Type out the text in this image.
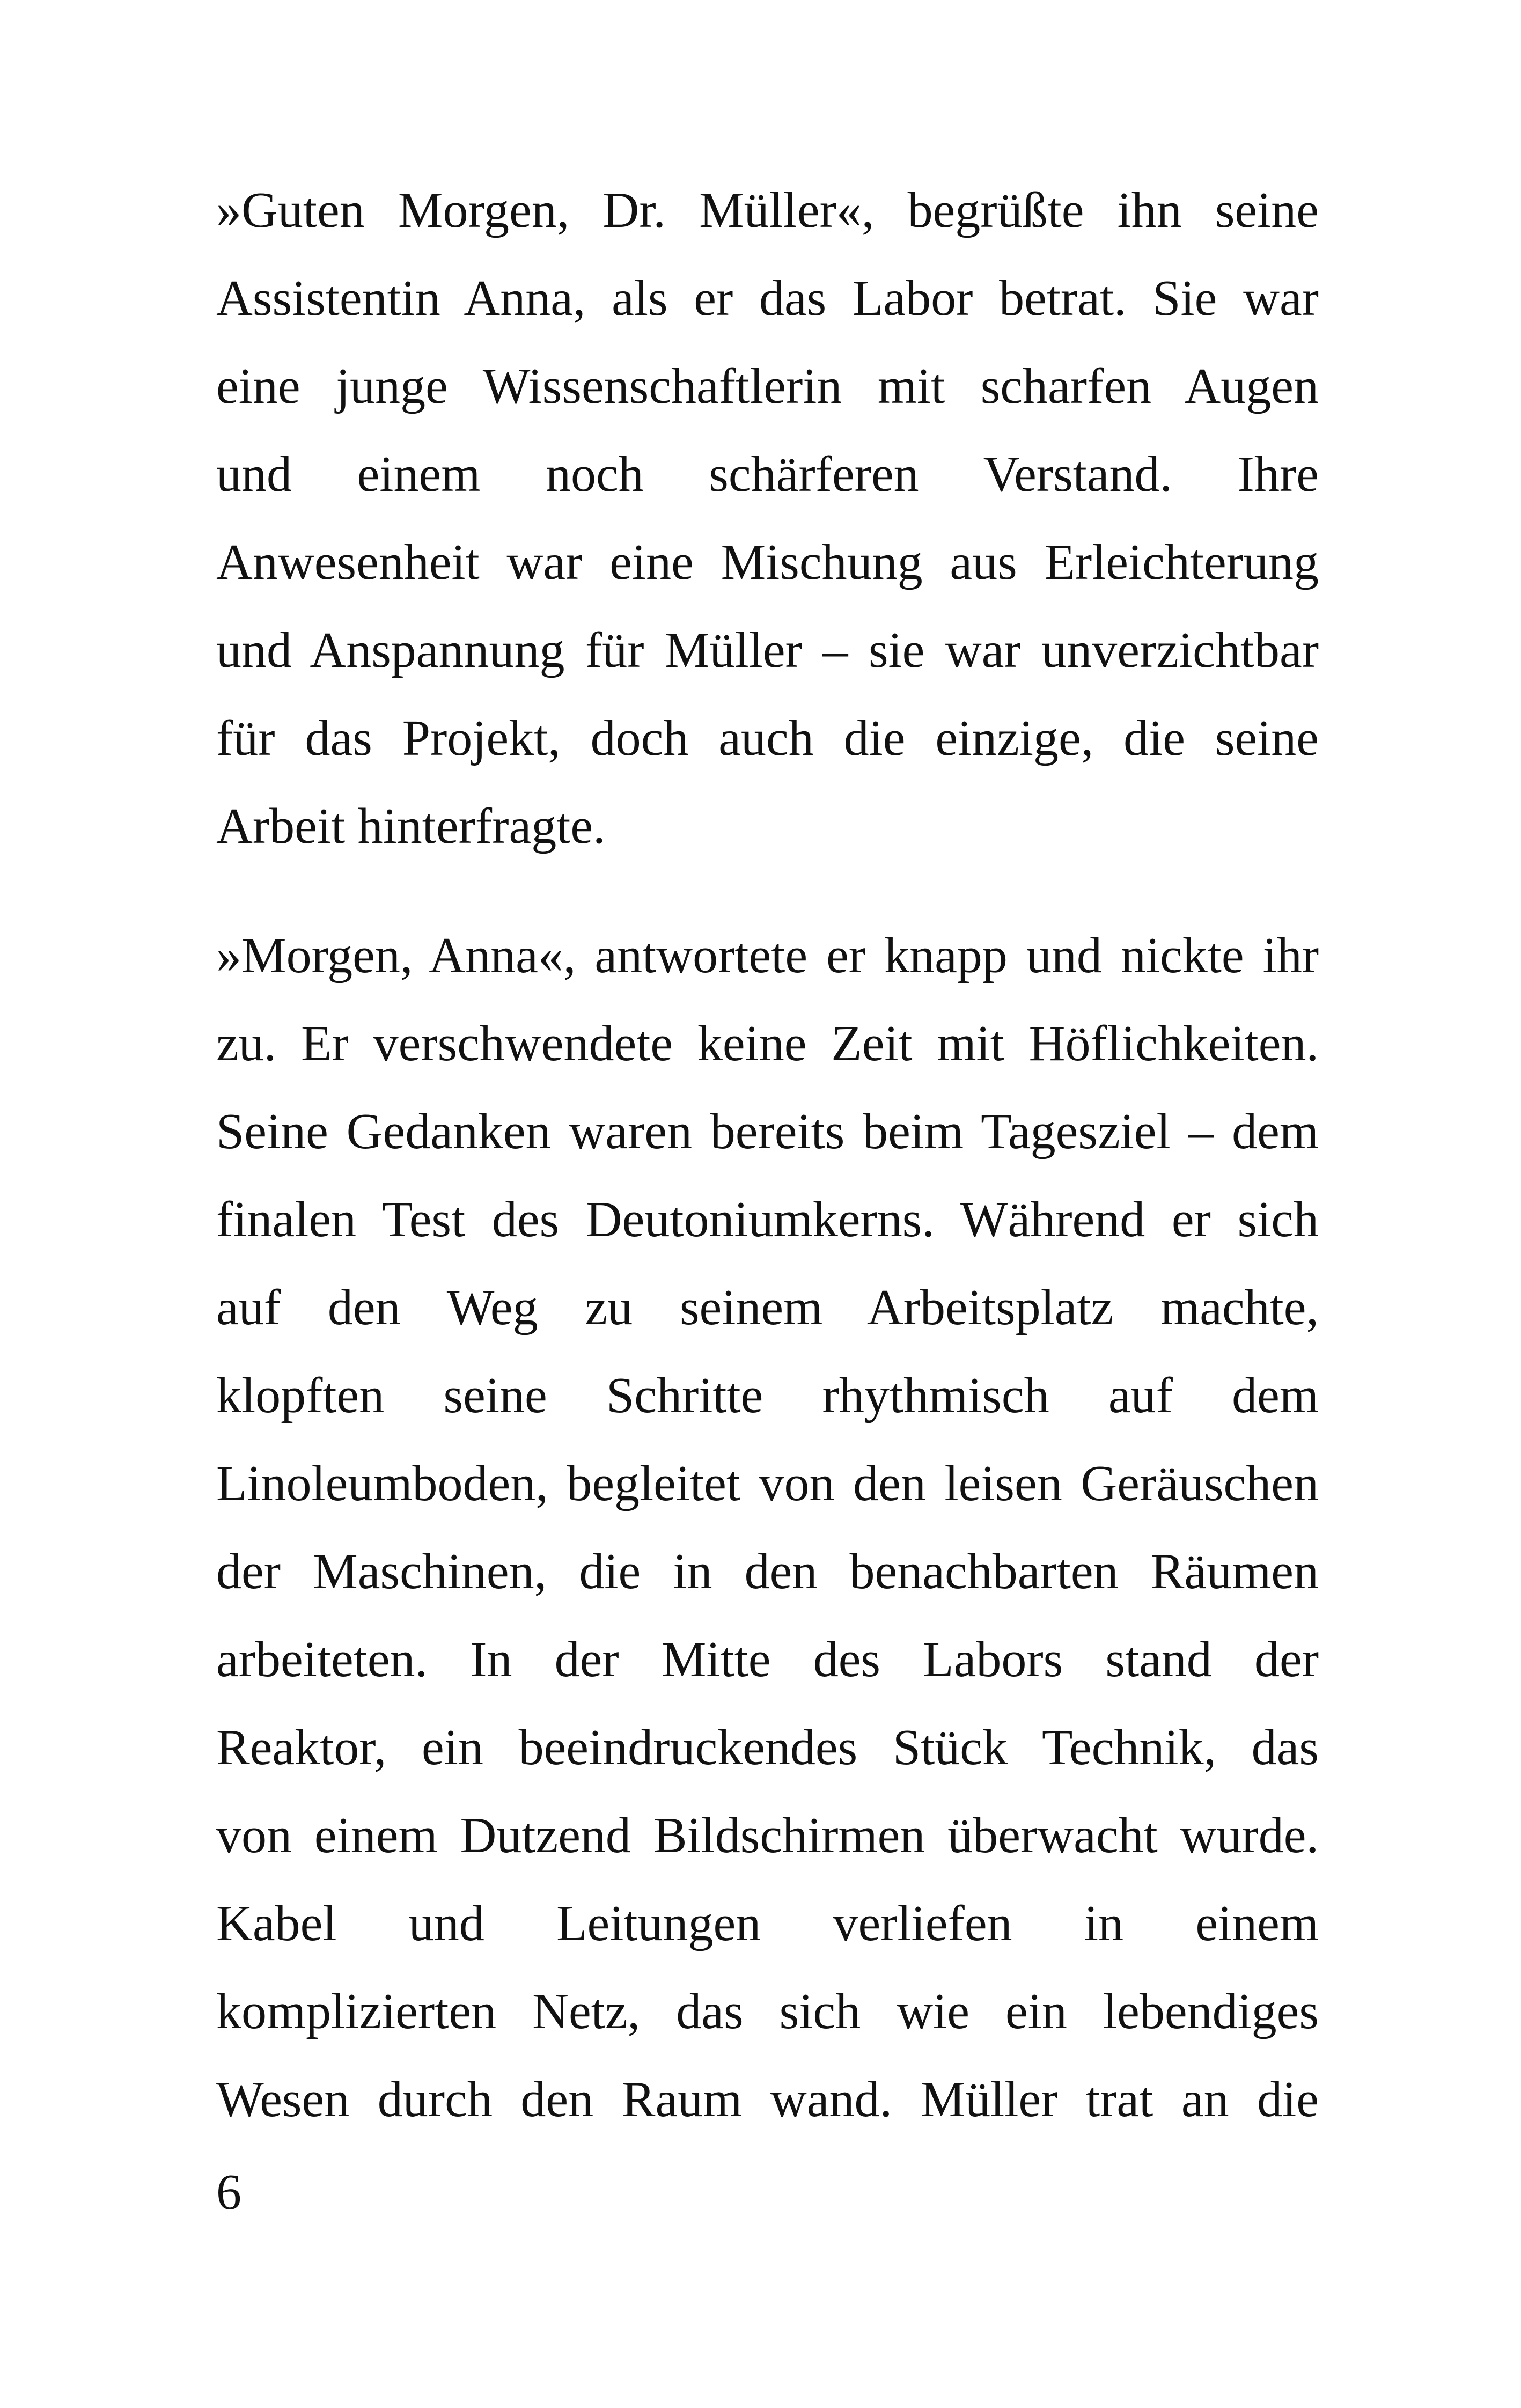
»Guten Morgen, Dr. Müller«, begrüßte ihn seine
Assistentin Anna, als er das Labor betrat. Sie war
eine junge Wissenschaftlerin mit scharfen Augen
und einem noch schärferen Verstand. Ihre
Anwesenheit war eine Mischung aus Erleichterung
und Anspannung für Müller – sie war unverzichtbar
für das Projekt, doch auch die einzige, die seine
Arbeit hinterfragte.

»Morgen, Anna«, antwortete er knapp und nickte ihr
zu. Er verschwendete keine Zeit mit Höflichkeiten.
Seine Gedanken waren bereits beim Tagesziel – dem
finalen Test des Deutoniumkerns. Während er sich
auf den Weg zu seinem Arbeitsplatz machte,
klopften seine Schritte rhythmisch auf dem
Linoleumboden, begleitet von den leisen Geräuschen
der Maschinen, die in den benachbarten Räumen
arbeiteten. In der Mitte des Labors stand der
Reaktor, ein beeindruckendes Stück Technik, das
von einem Dutzend Bildschirmen überwacht wurde.
Kabel und Leitungen verliefen in einem
komplizierten Netz, das sich wie ein lebendiges
Wesen durch den Raum wand. Müller trat an die

6
